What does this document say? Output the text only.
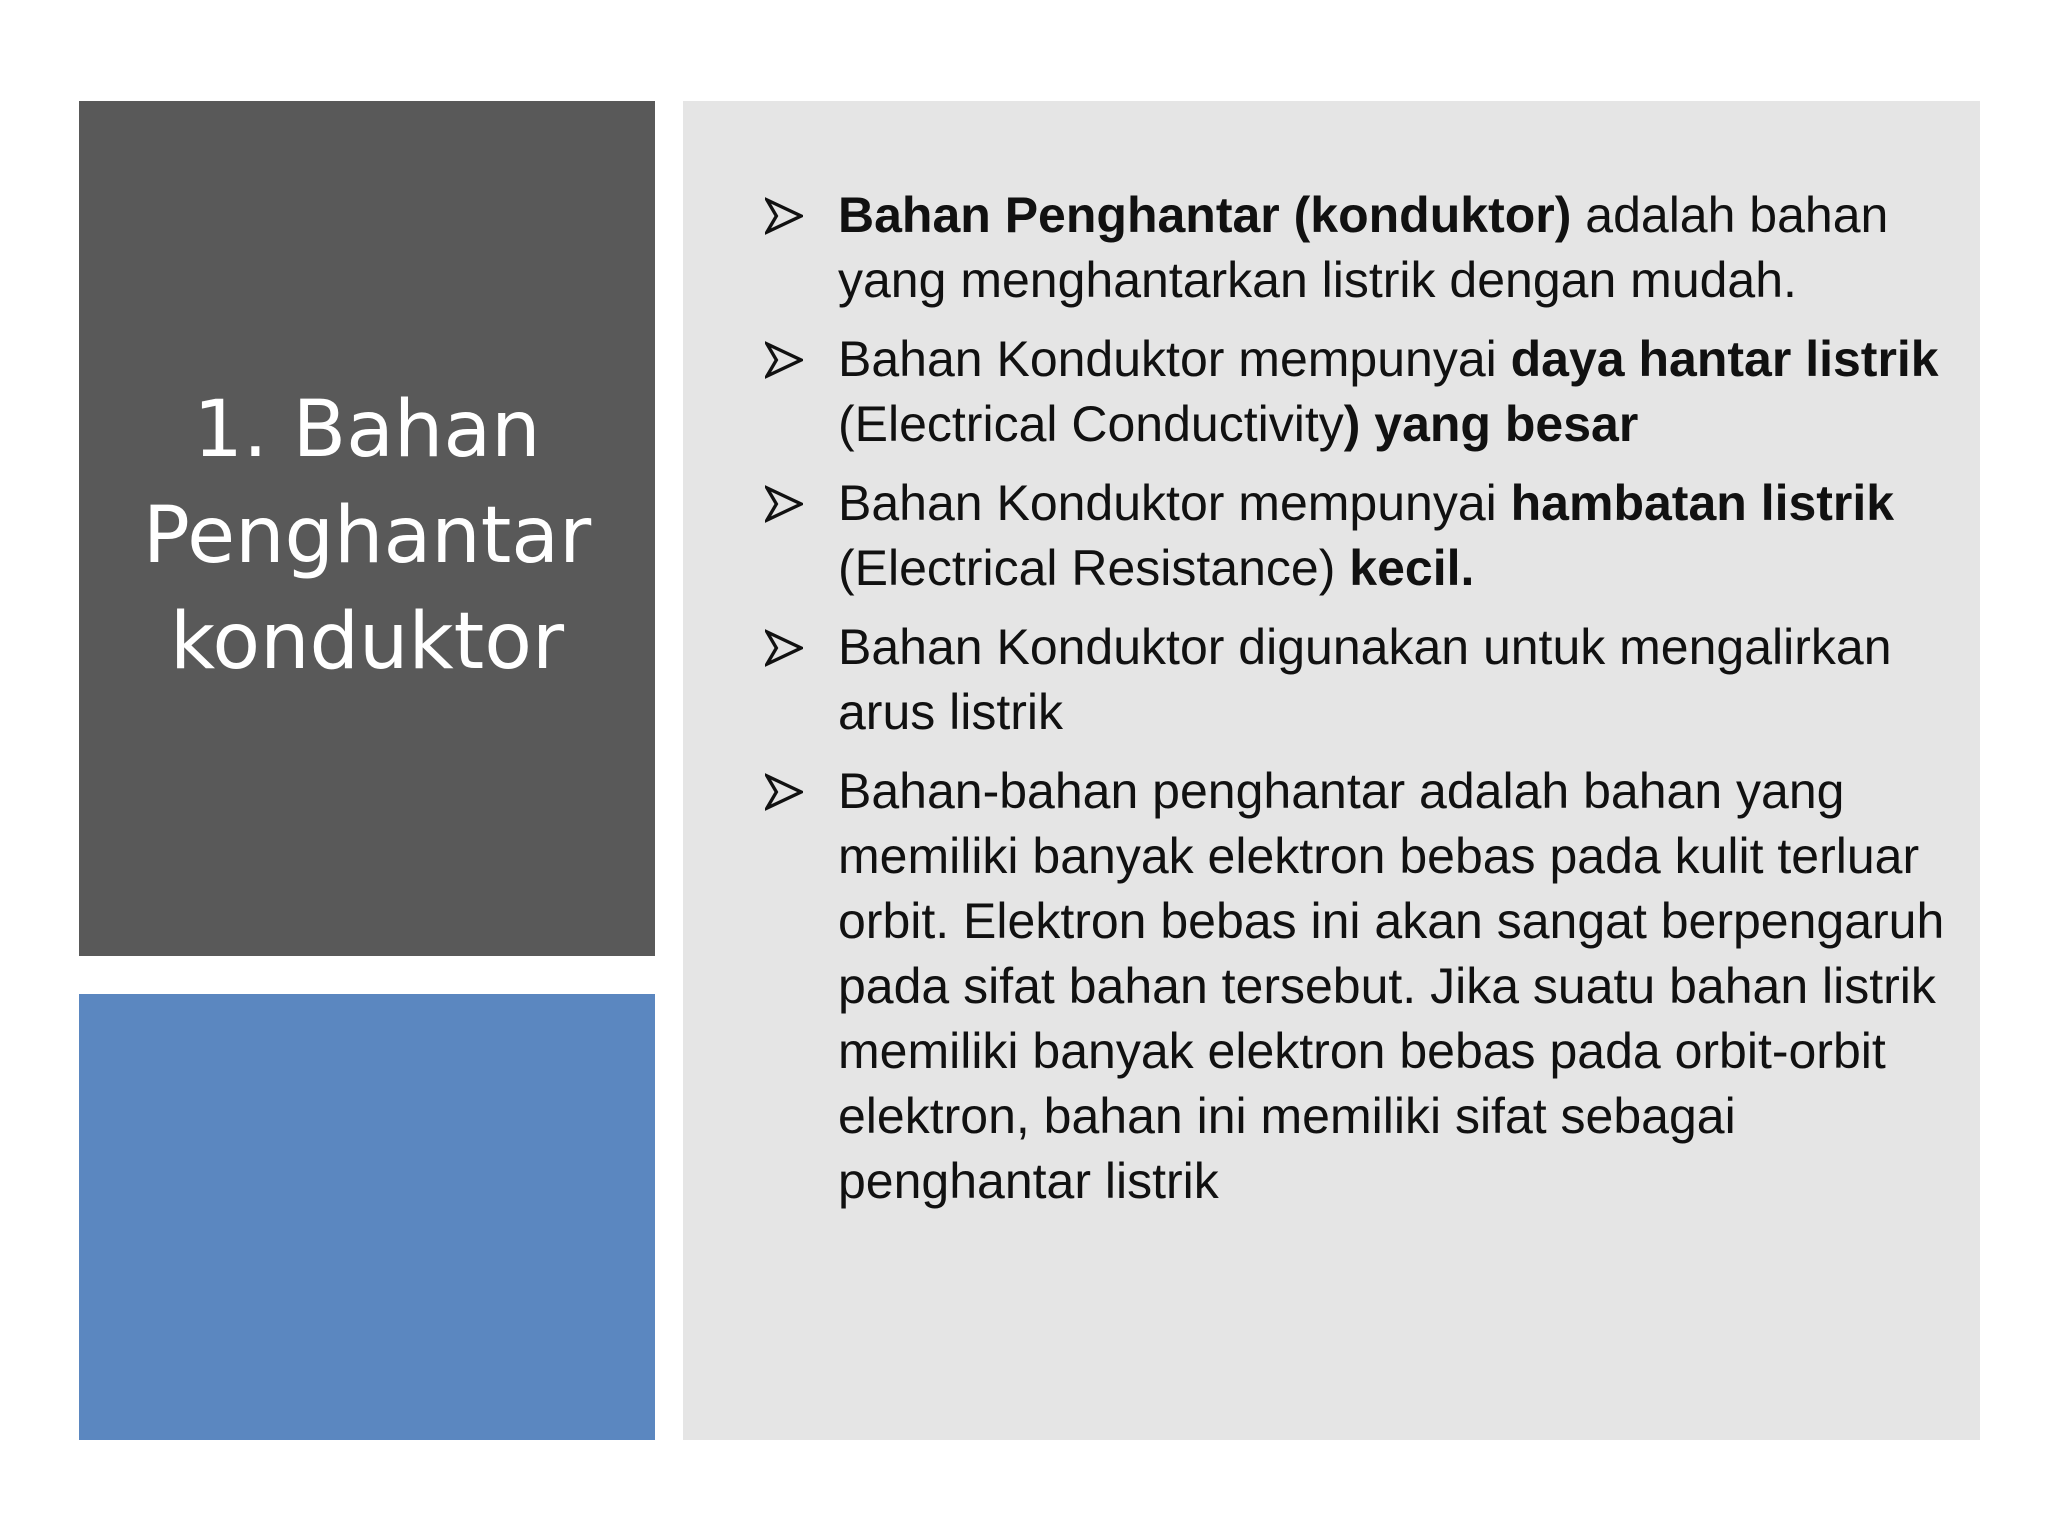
1. Bahan
Penghantar
konduktor
Bahan Penghantar (konduktor) adalah bahan yang menghantarkan listrik dengan mudah.
Bahan Konduktor mempunyai daya hantar listrik (Electrical Conductivity) yang besar
Bahan Konduktor mempunyai hambatan listrik (Electrical Resistance) kecil.
Bahan Konduktor digunakan untuk mengalirkan arus listrik
Bahan-bahan penghantar adalah bahan yang memiliki banyak elektron bebas pada kulit terluar orbit. Elektron bebas ini akan sangat berpengaruh pada sifat bahan tersebut. Jika suatu bahan listrik memiliki banyak elektron bebas pada orbit-orbit elektron, bahan ini memiliki sifat sebagai penghantar listrik
